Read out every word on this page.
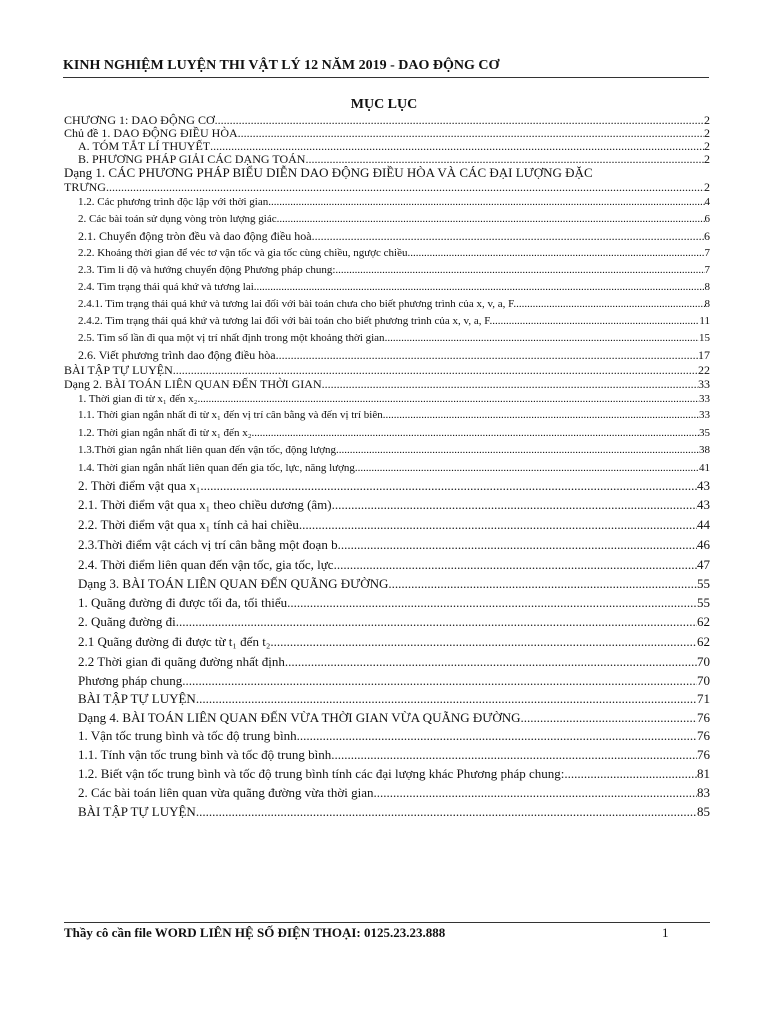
KINH NGHIỆM LUYỆN THI VẬT LÝ 12 NĂM 2019 - DAO ĐỘNG CƠ
MỤC LỤC
CHƯƠNG 1: DAO ĐỘNG CƠ .....	2
Chủ đề 1. DAO ĐỘNG ĐIỀU HÒA .....	2
A. TÓM TẮT LÍ THUYẾT .....	2
B. PHƯƠNG PHÁP GIẢI CÁC DẠNG TOÁN .....	2
Dạng 1. CÁC PHƯƠNG PHÁP BIỂU DIỄN DAO ĐỘNG ĐIỀU HÒA VÀ CÁC ĐẠI LƯỢNG ĐẶC
TRƯNG .....	2
1.2. Các phương trình độc lập với thời gian .....	4
2. Các bài toán sử dụng vòng tròn lượng giác .....	6
2.1. Chuyển động tròn đều và dao động điều hoà .....	6
2.2. Khoảng thời gian để véc tơ vận tốc và gia tốc cùng chiều, ngược chiều .....	7
2.3. Tìm li độ và hướng chuyển động Phương pháp chung: .....	7
2.4. Tìm trạng thái quá khứ và tương lai .....	8
2.4.1. Tìm trạng thái quá khứ và tương lai đối với bài toán chưa cho biết phương trình của x, v, a, F... .....	8
2.4.2. Tìm trạng thái quá khứ và tương lai đối với bài toán cho biết phương trình của x, v, a, F... .....	11
2.5. Tìm số lần đi qua một vị trí nhất định trong một khoảng thời gian .....	15
2.6. Viết phương trình dao động điều hòa .....	17
BÀI TẬP TỰ LUYỆN .....	22
Dạng 2. BÀI TOÁN LIÊN QUAN ĐẾN THỜI GIAN .....	33
1. Thời gian đi từ x₁ đến x₂ .....	33
1.1. Thời gian ngắn nhất đi từ x₁ đến vị trí cân bằng và đến vị trí biên .....	33
1.2. Thời gian ngắn nhất đi từ x₁ đến x₂ .....	35
1.3.Thời gian ngắn nhất liên quan đến vận tốc, động lượng .....	38
1.4. Thời gian ngắn nhất liên quan đến gia tốc, lực, năng lượng .....	41
2. Thời điểm vật qua x₁ .....	43
2.1. Thời điểm vật qua x₁ theo chiều dương (âm) .....	43
2.2. Thời điểm vật qua x₁ tính cả hai chiều .....	44
2.3.Thời điểm vật cách vị trí cân bằng một đoạn b .....	46
2.4. Thời điểm liên quan đến vận tốc, gia tốc, lực... .....	47
Dạng 3. BÀI TOÁN LIÊN QUAN ĐẾN QUÃNG ĐƯỜNG .....	55
1. Quãng đường đi được tối đa, tối thiểu. .....	55
2. Quãng đường đi .....	62
2.1 Quãng đường đi được từ t₁ đến t₂ .....	62
2.2 Thời gian đi quãng đường nhất định .....	70
Phương pháp chung .....	70
BÀI TẬP TỰ LUYỆN .....	71
Dạng 4. BÀI TOÁN LIÊN QUAN ĐẾN VỪA THỜI GIAN VỪA QUÃNG ĐƯỜNG .....	76
1. Vận tốc trung bình và tốc độ trung bình .....	76
1.1. Tính vận tốc trung bình và tốc độ trung bình .....	76
1.2. Biết vận tốc trung bình và tốc độ trung bình tính các đại lượng khác Phương pháp chung: .....	81
2. Các bài toán liên quan vừa quãng đường vừa thời gian .....	83
BÀI TẬP TỰ LUYỆN .....	85
Thầy cô cần file WORD LIÊN HỆ SỐ ĐIỆN THOẠI: 0125.23.23.888	1
